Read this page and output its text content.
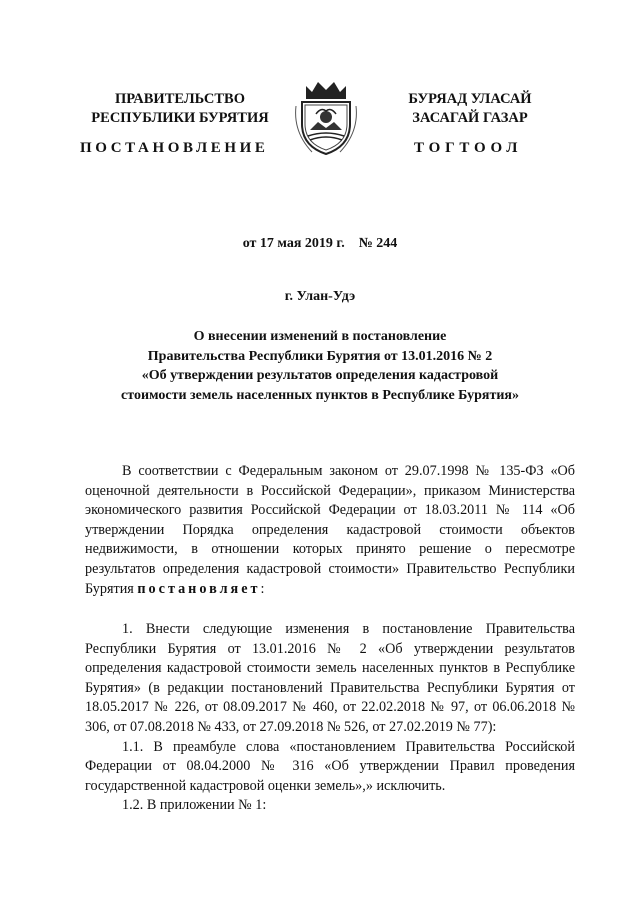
ПРАВИТЕЛЬСТВО
РЕСПУБЛИКИ БУРЯТИЯ
ПОСТАНОВЛЕНИЕ
БУРЯАД УЛАСАЙ
ЗАСАГАЙ ГАЗАР
ТОГТООЛ
от 17 мая 2019 г. № 244
г. Улан-Удэ
О внесении изменений в постановление
Правительства Республики Бурятия от 13.01.2016 № 2
«Об утверждении результатов определения кадастровой
стоимости земель населенных пунктов в Республике Бурятия»

В соответствии с Федеральным законом от 29.07.1998 № 135-ФЗ «Об оценочной деятельности в Российской Федерации», приказом Министерства экономического развития Российской Федерации от 18.03.2011 № 114 «Об утверждении Порядка определения кадастровой стоимости объектов недвижимости, в отношении которых принято решение о пересмотре результатов определения кадастровой стоимости» Правительство Республики Бурятия постановляет:

1. Внести следующие изменения в постановление Правительства Республики Бурятия от 13.01.2016 № 2 «Об утверждении результатов определения кадастровой стоимости земель населенных пунктов в Республике Бурятия» (в редакции постановлений Правительства Республики Бурятия от 18.05.2017 № 226, от 08.09.2017 № 460, от 22.02.2018 № 97, от 06.06.2018 № 306, от 07.08.2018 № 433, от 27.09.2018 № 526, от 27.02.2019 № 77):

1.1. В преамбуле слова «постановлением Правительства Российской Федерации от 08.04.2000 № 316 «Об утверждении Правил проведения государственной кадастровой оценки земель»,» исключить.

1.2. В приложении № 1:
